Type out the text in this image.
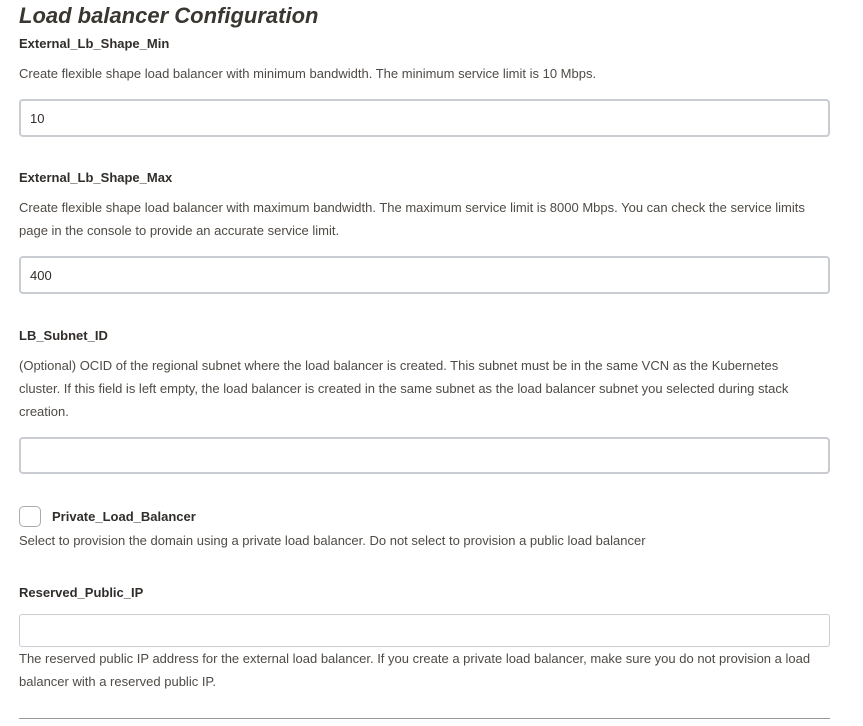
Load balancer Configuration
External_Lb_Shape_Min

Create flexible shape load balancer with minimum bandwidth. The minimum service limit is 10 Mbps.

10
External_Lb_Shape_Max

Create flexible shape load balancer with maximum bandwidth. The maximum service limit is 8000 Mbps. You can check the service limits page in the console to provide an accurate service limit.

400
LB_Subnet_ID

(Optional) OCID of the regional subnet where the load balancer is created. This subnet must be in the same VCN as the Kubernetes cluster. If this field is left empty, the load balancer is created in the same subnet as the load balancer subnet you selected during stack creation.

Private_Load_Balancer

Select to provision the domain using a private load balancer. Do not select to provision a public load balancer

Reserved_Public_IP

The reserved public IP address for the external load balancer. If you create a private load balancer, make sure you do not provision a load balancer with a reserved public IP.
